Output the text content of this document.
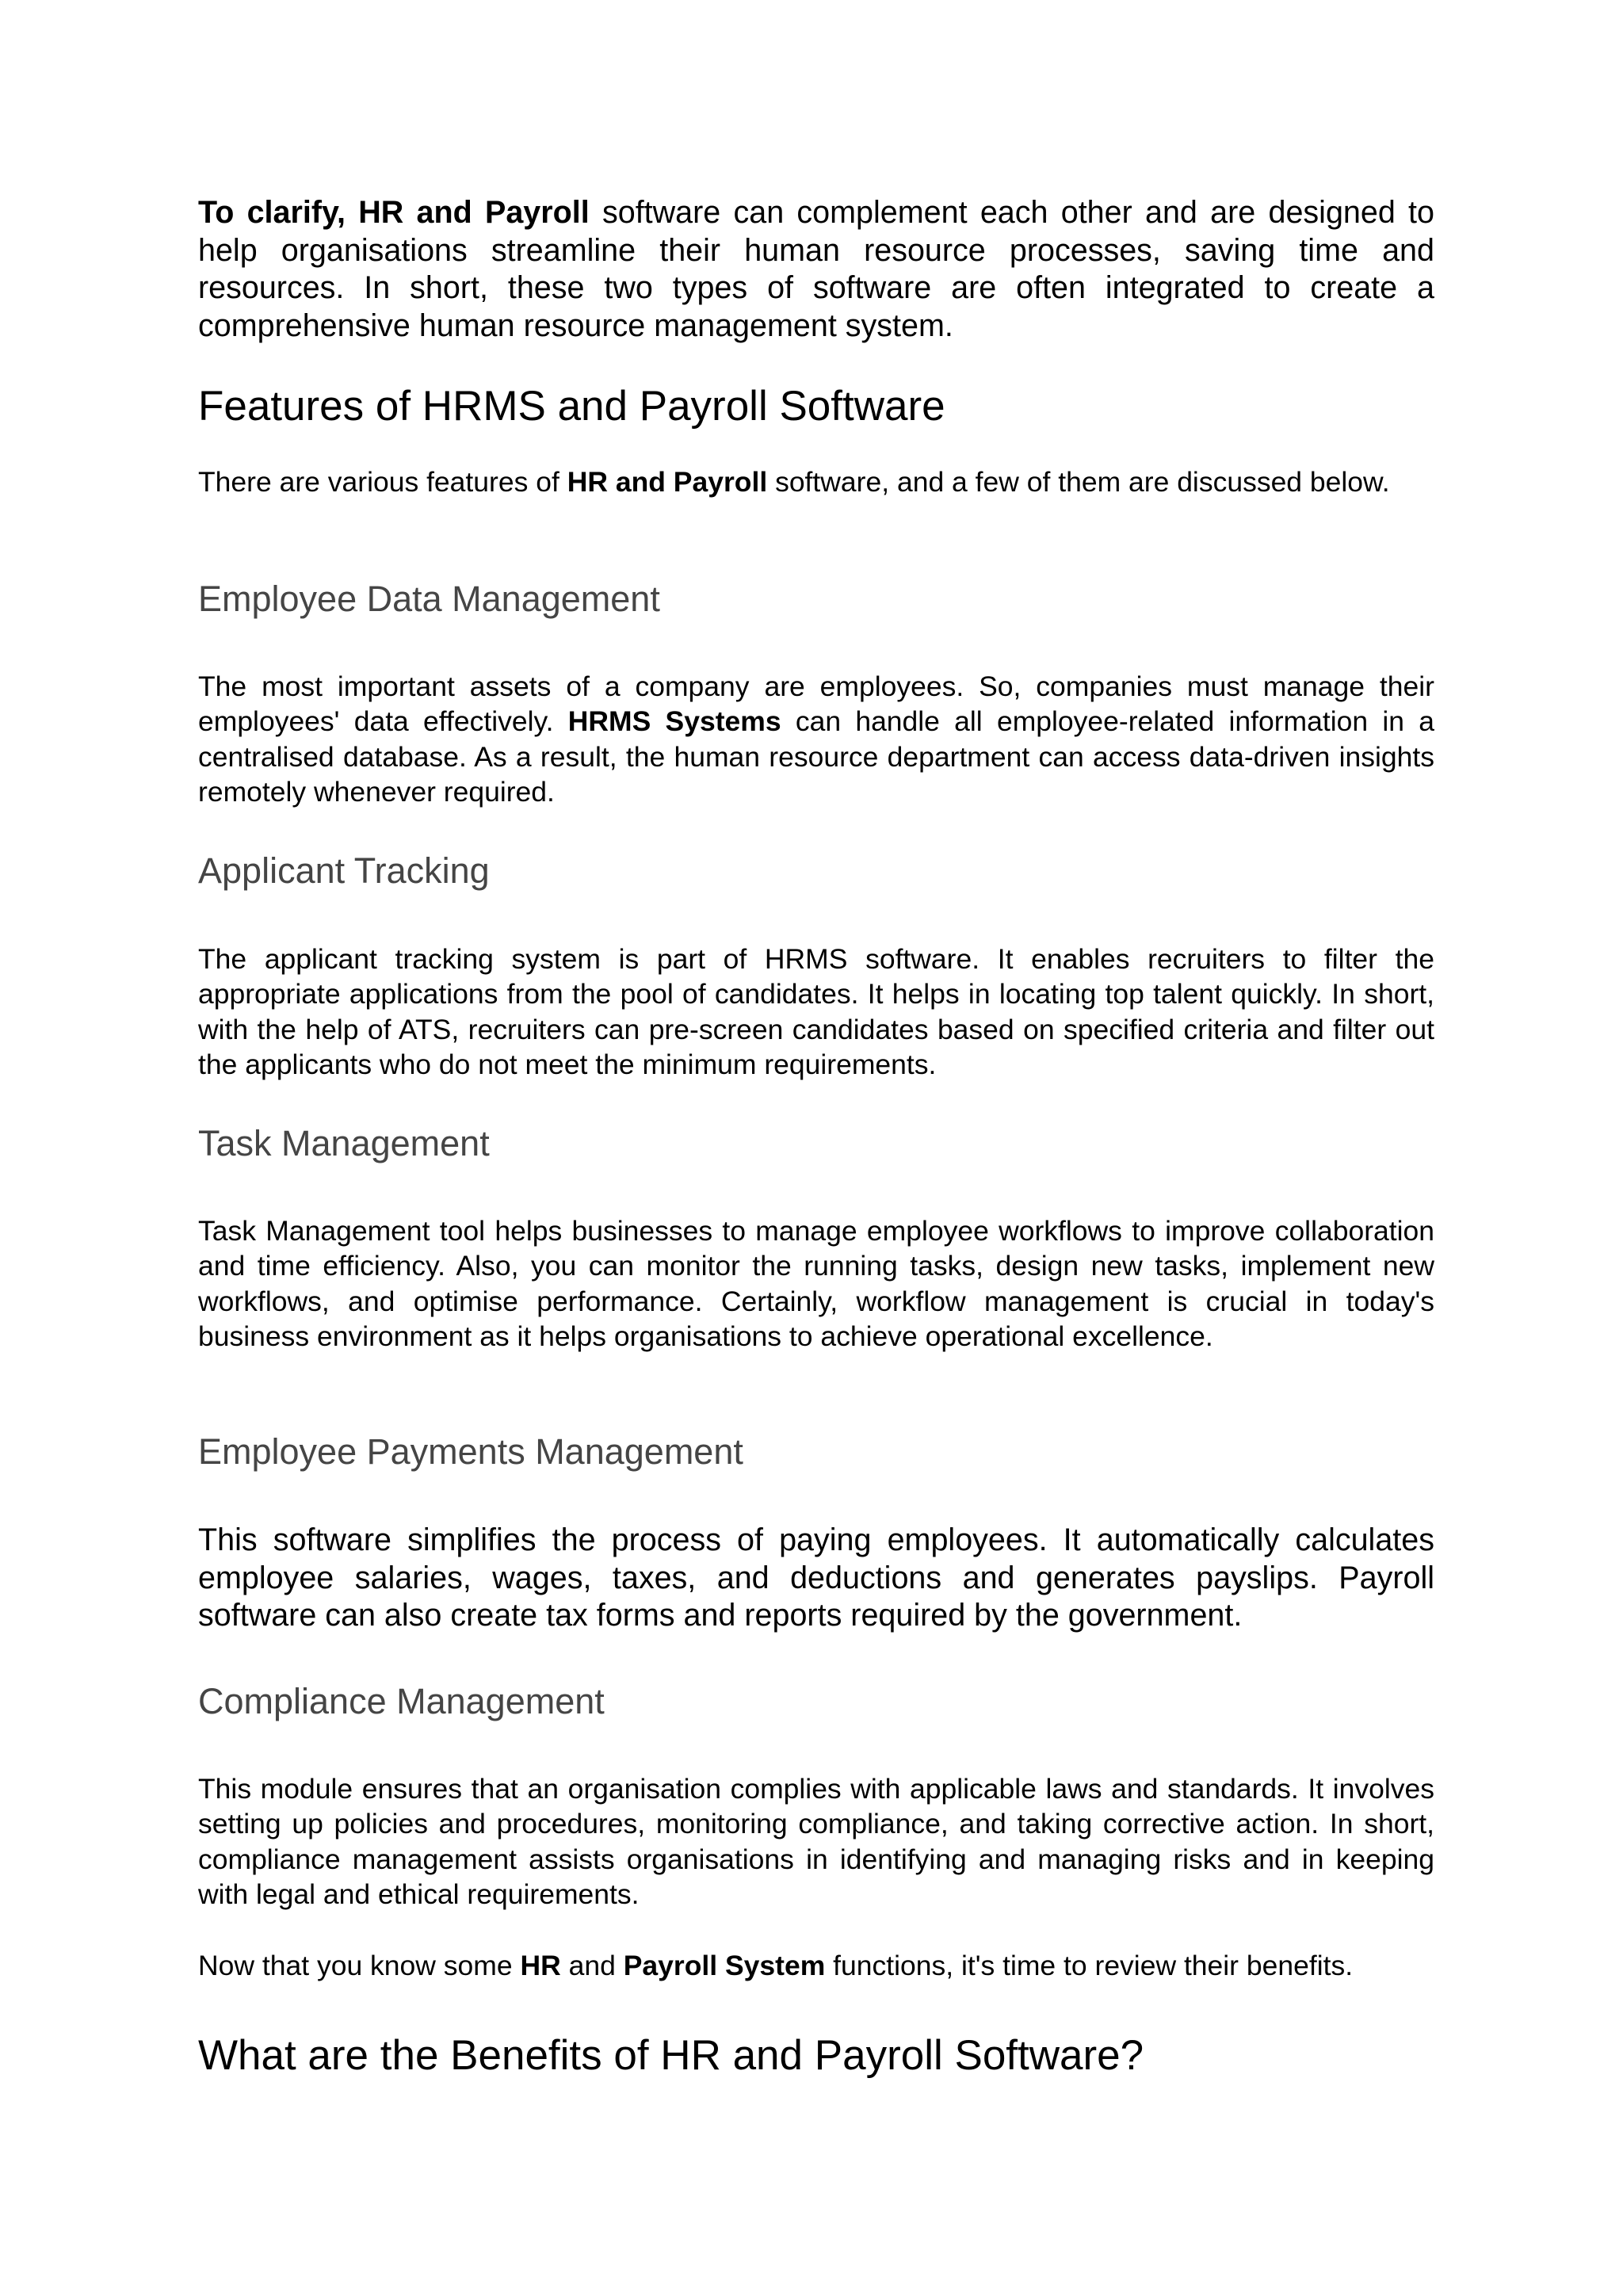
To clarify, HR and Payroll software can complement each other and are designed to help organisations streamline their human resource processes, saving time and resources. In short, these two types of software are often integrated to create a comprehensive human resource management system.

Features of HRMS and Payroll Software

There are various features of HR and Payroll software, and a few of them are discussed below.

Employee Data Management

The most important assets of a company are employees. So, companies must manage their employees' data effectively. HRMS Systems can handle all employee-related information in a centralised database. As a result, the human resource department can access data-driven insights remotely whenever required.

Applicant Tracking

The applicant tracking system is part of HRMS software. It enables recruiters to filter the appropriate applications from the pool of candidates. It helps in locating top talent quickly. In short, with the help of ATS, recruiters can pre-screen candidates based on specified criteria and filter out the applicants who do not meet the minimum requirements.

Task Management

Task Management tool helps businesses to manage employee workflows to improve collaboration and time efficiency. Also, you can monitor the running tasks, design new tasks, implement new workflows, and optimise performance. Certainly, workflow management is crucial in today's business environment as it helps organisations to achieve operational excellence.

Employee Payments Management

This software simplifies the process of paying employees. It automatically calculates employee salaries, wages, taxes, and deductions and generates payslips. Payroll software can also create tax forms and reports required by the government.

Compliance Management

This module ensures that an organisation complies with applicable laws and standards. It involves setting up policies and procedures, monitoring compliance, and taking corrective action. In short, compliance management assists organisations in identifying and managing risks and in keeping with legal and ethical requirements.

Now that you know some HR and Payroll System functions, it's time to review their benefits.

What are the Benefits of HR and Payroll Software?
